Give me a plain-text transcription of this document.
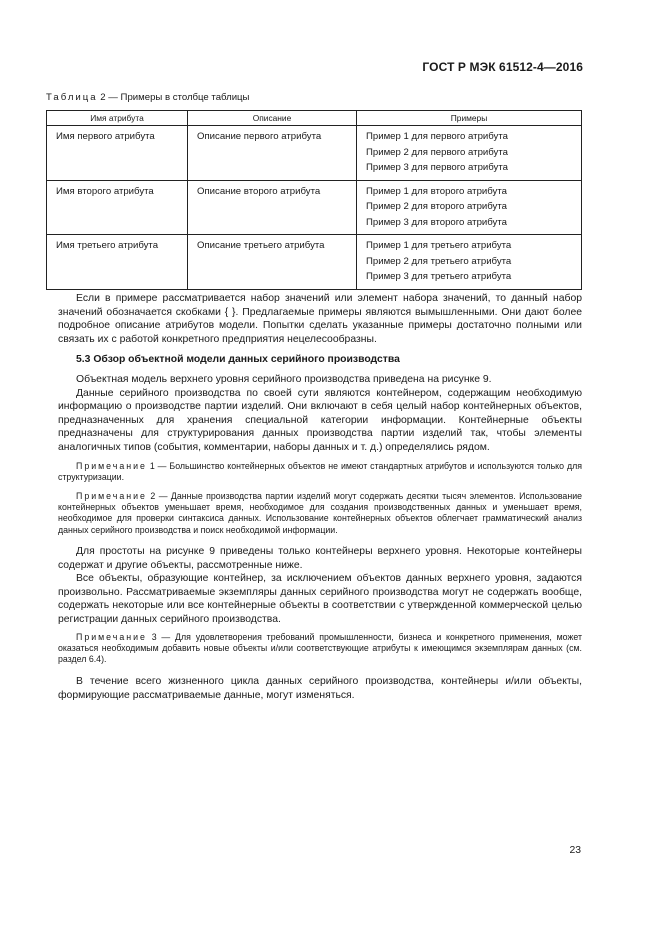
ГОСТ Р МЭК 61512-4—2016
Таблица 2 — Примеры в столбце таблицы
Имя атрибута	Описание	Примеры
Имя первого атрибута	Описание первого атрибута	Пример 1 для первого атрибута
Пример 2 для первого атрибута
Пример 3 для первого атрибута

Имя второго атрибута	Описание второго атрибута	Пример 1 для второго атрибута
Пример 2 для второго атрибута
Пример 3 для второго атрибута

Имя третьего атрибута	Описание третьего атрибута	Пример 1 для третьего атрибута
Пример 2 для третьего атрибута
Пример 3 для третьего атрибута

Если в примере рассматривается набор значений или элемент набора значений, то данный набор значений обозначается скобками { }. Предлагаемые примеры являются вымышленными. Они дают более подробное описание атрибутов модели. Попытки сделать указанные примеры достаточно полными или связать их с работой конкретного предприятия нецелесообразны.

5.3 Обзор объектной модели данных серийного производства

Объектная модель верхнего уровня серийного производства приведена на рисунке 9.

Данные серийного производства по своей сути являются контейнером, содержащим необходимую информацию о производстве партии изделий. Они включают в себя целый набор контейнерных объектов, предназначенных для хранения специальной категории информации. Контейнерные объекты предназначены для структурирования данных производства партии изделий так, чтобы элементы аналогичных типов (события, комментарии, наборы данных и т. д.) определялись рядом.

Примечание 1 — Большинство контейнерных объектов не имеют стандартных атрибутов и используются только для структуризации.

Примечание 2 — Данные производства партии изделий могут содержать десятки тысяч элементов. Использование контейнерных объектов уменьшает время, необходимое для создания производственных данных и уменьшает время, необходимое для проверки синтаксиса данных. Использование контейнерных объектов облегчает грамматический анализ данных серийного производства и поиск необходимой информации.

Для простоты на рисунке 9 приведены только контейнеры верхнего уровня. Некоторые контейнеры содержат и другие объекты, рассмотренные ниже.

Все объекты, образующие контейнер, за исключением объектов данных верхнего уровня, задаются произвольно. Рассматриваемые экземпляры данных серийного производства могут не содержать вообще, содержать некоторые или все контейнерные объекты в соответствии с утвержденной коммерческой целью регистрации данных серийного производства.

Примечание 3 — Для удовлетворения требований промышленности, бизнеса и конкретного применения, может оказаться необходимым добавить новые объекты и/или соответствующие атрибуты к имеющимся экземплярам данных (см. раздел 6.4).

В течение всего жизненного цикла данных серийного производства, контейнеры и/или объекты, формирующие рассматриваемые данные, могут изменяться.

23
